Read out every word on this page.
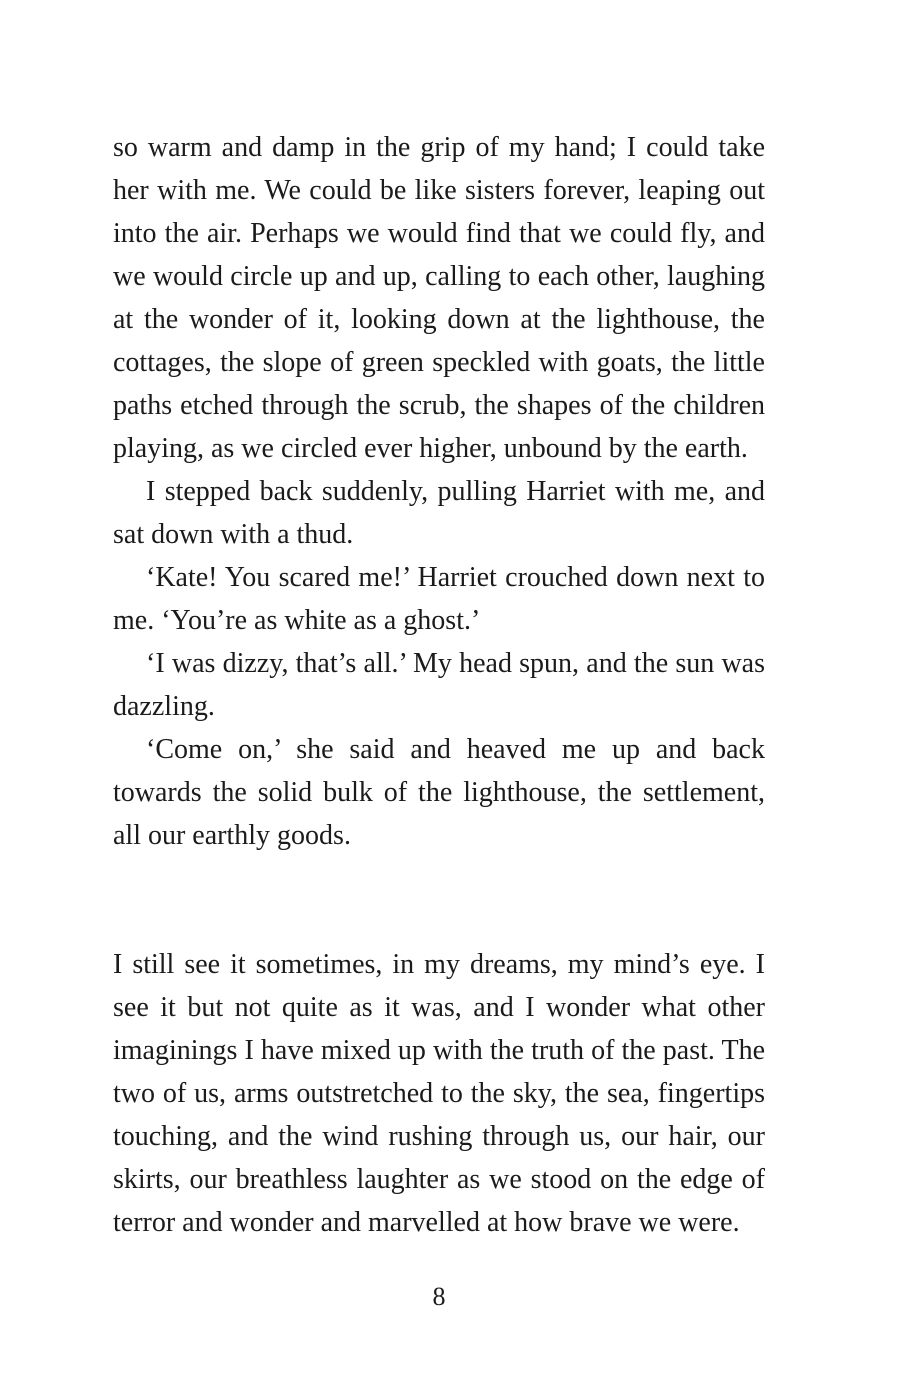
so warm and damp in the grip of my hand; I could take her with me. We could be like sisters forever, leaping out into the air. Perhaps we would find that we could fly, and we would circle up and up, calling to each other, laughing at the wonder of it, looking down at the lighthouse, the cottages, the slope of green speckled with goats, the little paths etched through the scrub, the shapes of the children playing, as we circled ever higher, unbound by the earth.

I stepped back suddenly, pulling Harriet with me, and sat down with a thud.

‘Kate! You scared me!’ Harriet crouched down next to me. ‘You’re as white as a ghost.’

‘I was dizzy, that’s all.’ My head spun, and the sun was dazzling.

‘Come on,’ she said and heaved me up and back towards the solid bulk of the lighthouse, the settlement, all our earthly goods.

I still see it sometimes, in my dreams, my mind’s eye. I see it but not quite as it was, and I wonder what other imaginings I have mixed up with the truth of the past. The two of us, arms outstretched to the sky, the sea, fingertips touching, and the wind rushing through us, our hair, our skirts, our breathless laughter as we stood on the edge of terror and wonder and marvelled at how brave we were.

8
